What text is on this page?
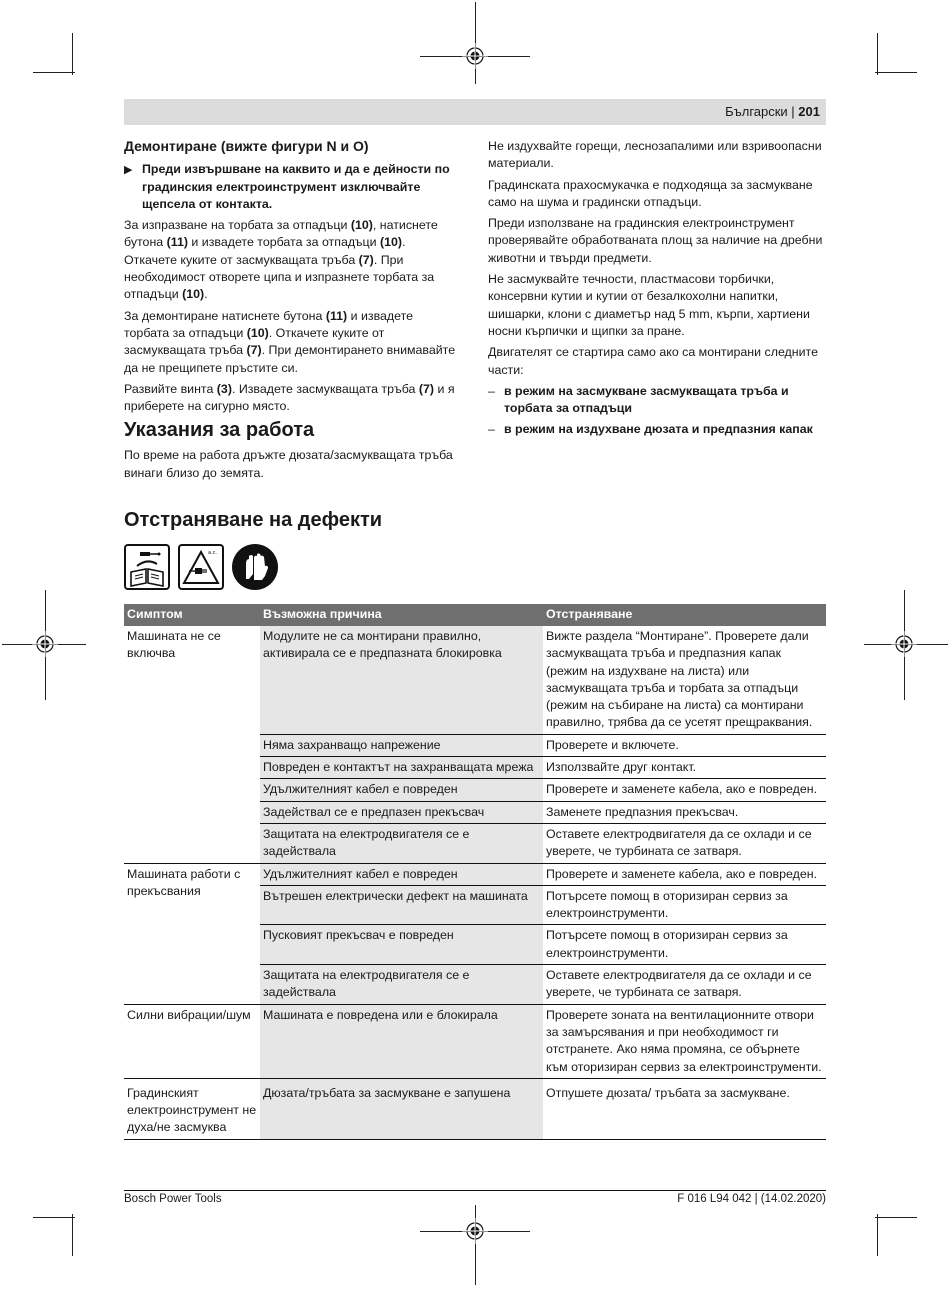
Български | 201
Демонтиране (вижте фигури N и O)
▶ Преди извършване на каквито и да е дейности по градинския електроинструмент изключвайте щепсела от контакта.

За изпразване на торбата за отпадъци (10), натиснете бутона (11) и извадете торбата за отпадъци (10). Откачете куките от засмукващата тръба (7). При необходимост отворете ципа и изпразнете торбата за отпадъци (10).

За демонтиране натиснете бутона (11) и извадете торбата за отпадъци (10). Откачете куките от засмукващата тръба (7). При демонтирането внимавайте да не прещипете пръстите си.

Развийте винта (3). Извадете засмукващата тръба (7) и я приберете на сигурно място.

Указания за работа

По време на работа дръжте дюзата/засмукващата тръба винаги близо до земята.

Не издухвайте горещи, леснозапалими или взривоопасни материали.

Градинската прахосмукачка е подходяща за засмукване само на шума и градински отпадъци.

Преди използване на градинския електроинструмент проверявайте обработваната площ за наличие на дребни животни и твърди предмети.

Не засмуквайте течности, пластмасови торбички, консервни кутии и кутии от безалкохолни напитки, шишарки, клони с диаметър над 5 mm, кърпи, хартиени носни кърпички и щипки за пране.

Двигателят се стартира само ако са монтирани следните части:

– в режим на засмукване засмукващата тръба и торбата за отпадъци
– в режим на издухване дюзата и предпазния капак
Отстраняване на дефекти
a.c.
Симптом	Възможна причина	Отстраняване
Машината не се включва	Модулите не са монтирани правилно, активирала се е предпазната блокировка	Вижте раздела “Монтиране”. Проверете дали засмукващата тръба и предпазния капак (режим на издухване на листа) или засмукващата тръба и торбата за отпадъци (режим на събиране на листа) са монтирани правилно, трябва да се усетят прещраквания.
	Няма захранващо напрежение	Проверете и включете.
	Повреден е контактът на захранващата мрежа	Използвайте друг контакт.
	Удължителният кабел е повреден	Проверете и заменете кабела, ако е повреден.
	Задействал се е предпазен прекъсвач	Заменете предпазния прекъсвач.
	Защитата на електродвигателя се е задействала	Оставете електродвигателя да се охлади и се уверете, че турбината се затваря.
Машината работи с прекъсвания	Удължителният кабел е повреден	Проверете и заменете кабела, ако е повреден.
	Вътрешен електрически дефект на машината	Потърсете помощ в оторизиран сервиз за електроинструменти.
	Пусковият прекъсвач е повреден	Потърсете помощ в оторизиран сервиз за електроинструменти.
	Защитата на електродвигателя се е задействала	Оставете електродвигателя да се охлади и се уверете, че турбината се затваря.
Силни вибрации/шум	Машината е повредена или е блокирала	Проверете зоната на вентилационните отвори за замърсявания и при необходимост ги отстранете. Ако няма промяна, се обърнете към оторизиран сервиз за електроинструменти.
Градинският електроинструмент не духа/не засмуква	Дюзата/тръбата за засмукване е запушена	Отпушете дюзата/ тръбата за засмукване.
Bosch Power Tools	F 016 L94 042 | (14.02.2020)
